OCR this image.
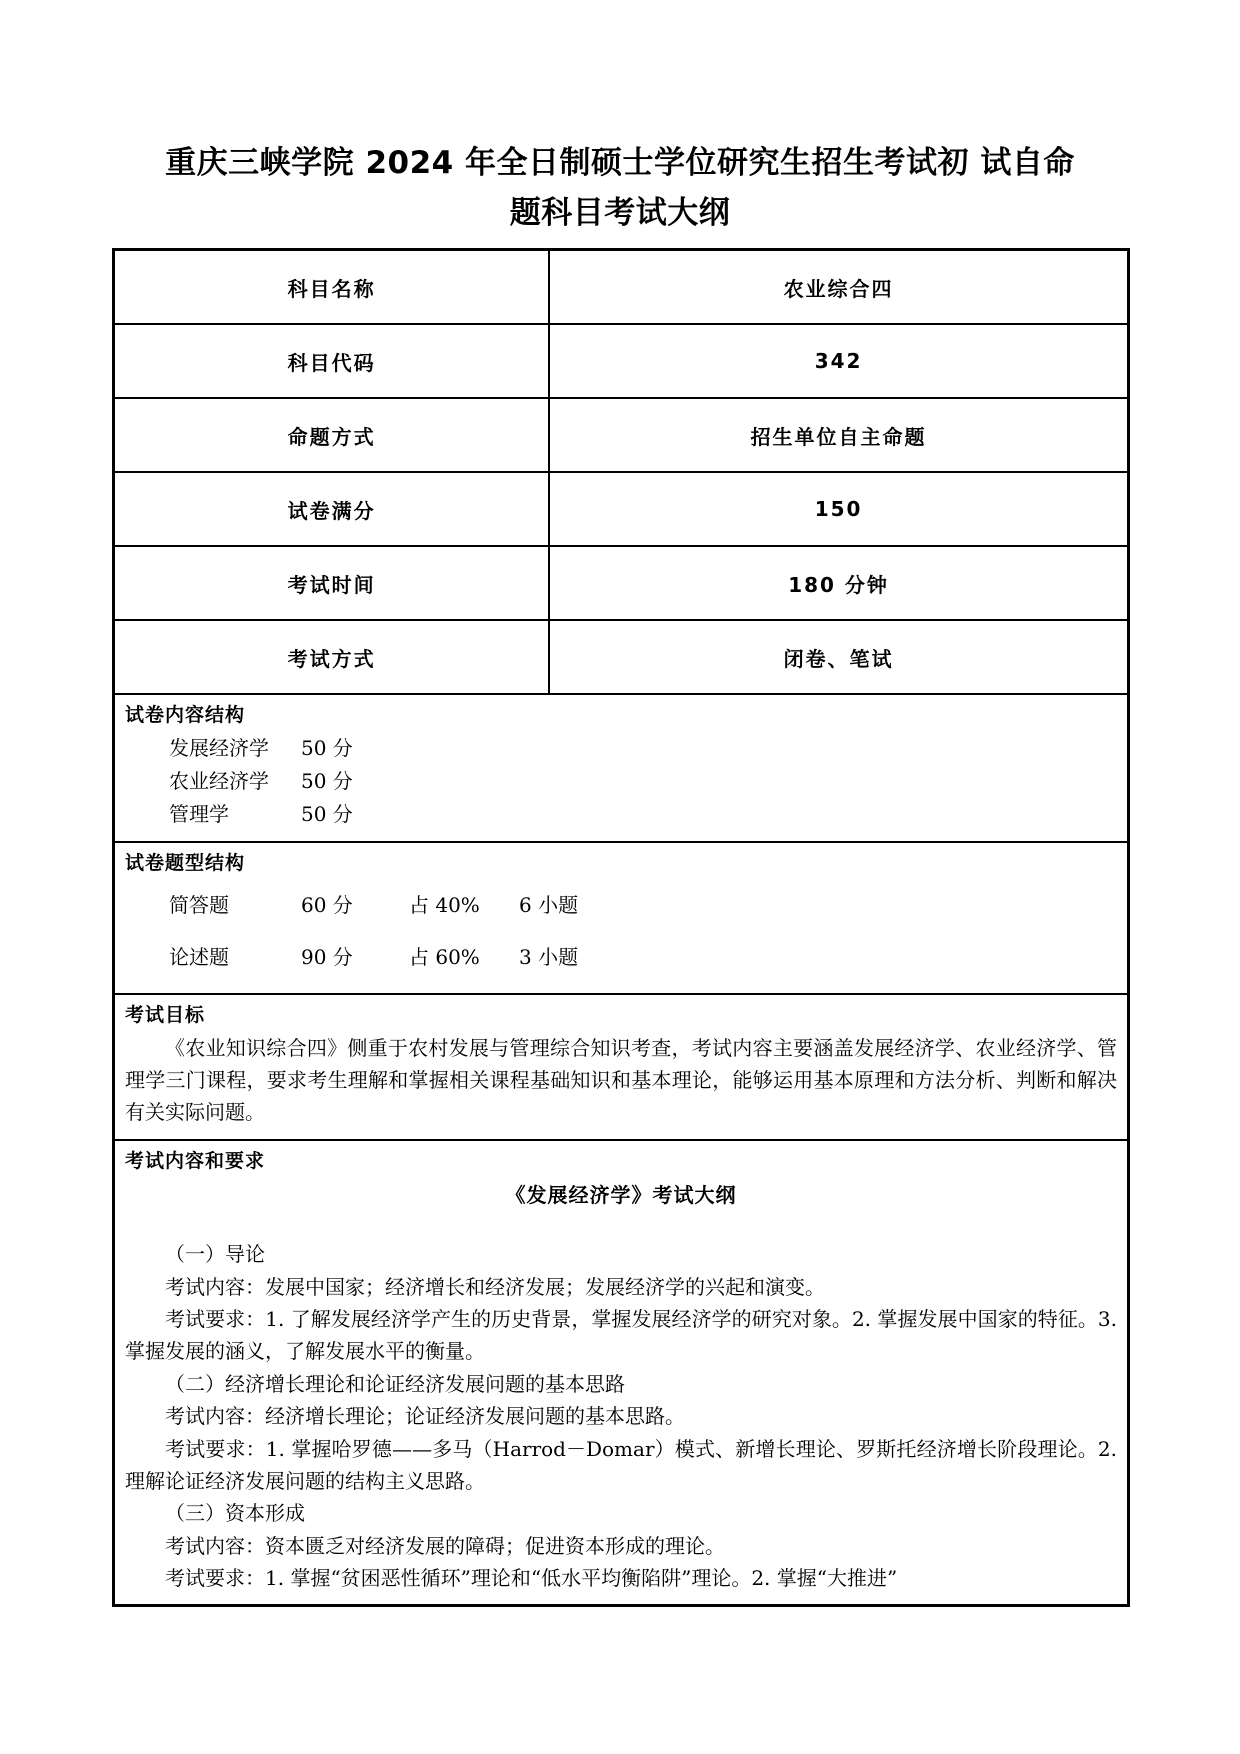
重庆三峡学院 2024 年全日制硕士学位研究生招生考试初 试自命题科目考试大纲
科目名称	农业综合四
科目代码	342
命题方式	招生单位自主命题
试卷满分	150
考试时间	180 分钟
考试方式	闭卷、笔试
试卷内容结构
发展经济学 50 分
农业经济学 50 分
管理学	50 分
试卷题型结构
简答题	60 分	占 40% 6 小题
论述题	90 分	占 60% 3 小题
考试目标

《农业知识综合四》侧重于农村发展与管理综合知识考查，考试内容主要涵盖发展经济学、农业经济学、管理学三门课程，要求考生理解和掌握相关课程基础知识和基本理论，能够运用基本原理和方法分析、判断和解决有关实际问题。

考试内容和要求
《发展经济学》考试大纲

（一）导论

考试内容：发展中国家；经济增长和经济发展；发展经济学的兴起和演变。

考试要求：1. 了解发展经济学产生的历史背景，掌握发展经济学的研究对象。2. 掌握发展中国家的特征。3. 掌握发展的涵义，了解发展水平的衡量。

（二）经济增长理论和论证经济发展问题的基本思路

考试内容：经济增长理论；论证经济发展问题的基本思路。

考试要求：1. 掌握哈罗德——多马（Harrod－Domar）模式、新增长理论、罗斯托经济增长阶段理论。2. 理解论证经济发展问题的结构主义思路。

（三）资本形成

考试内容：资本匮乏对经济发展的障碍；促进资本形成的理论。

考试要求：1. 掌握“贫困恶性循环”理论和“低水平均衡陷阱”理论。2. 掌握“大推进”
